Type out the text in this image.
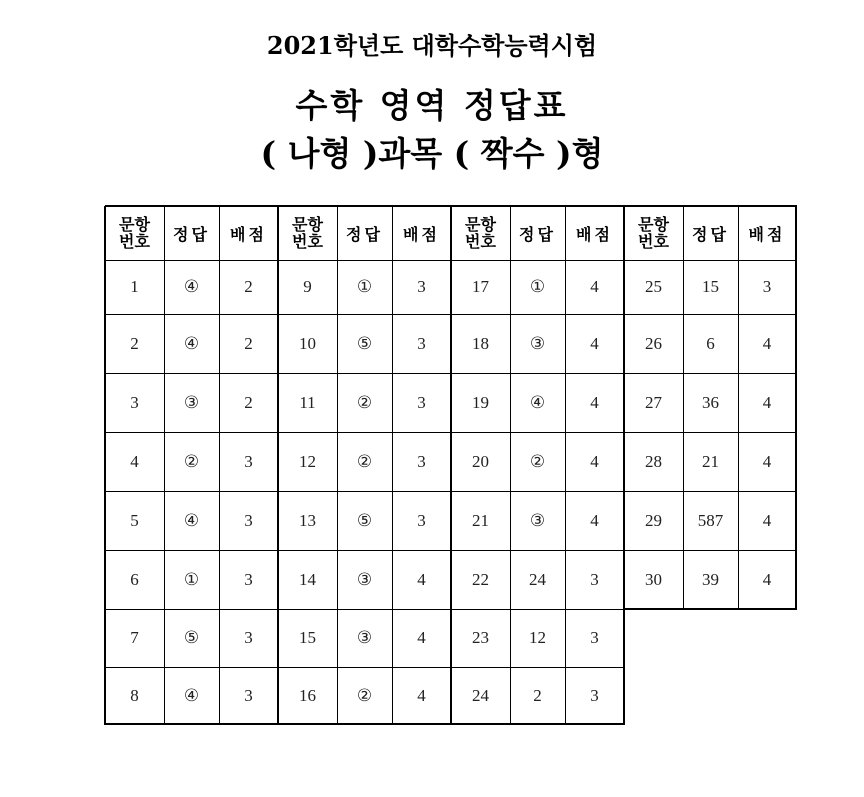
2021학년도 대학수학능력시험
수학 영역 정답표
( 나형 )과목 ( 짝수 )형
문항
번호	정답	배점
1	④	2
2	④	2
3	③	2
4	②	3
5	④	3
6	①	3
7	⑤	3
8	④	3
문항
번호	정답	배점
9	①	3
10	⑤	3
11	②	3
12	②	3
13	⑤	3
14	③	4
15	③	4
16	②	4
문항
번호	정답	배점
17	①	4
18	③	4
19	④	4
20	②	4
21	③	4
22	24	3
23	12	3
24	2	3
문항
번호	정답	배점
25	15	3
26	6	4
27	36	4
28	21	4
29	587	4
30	39	4
